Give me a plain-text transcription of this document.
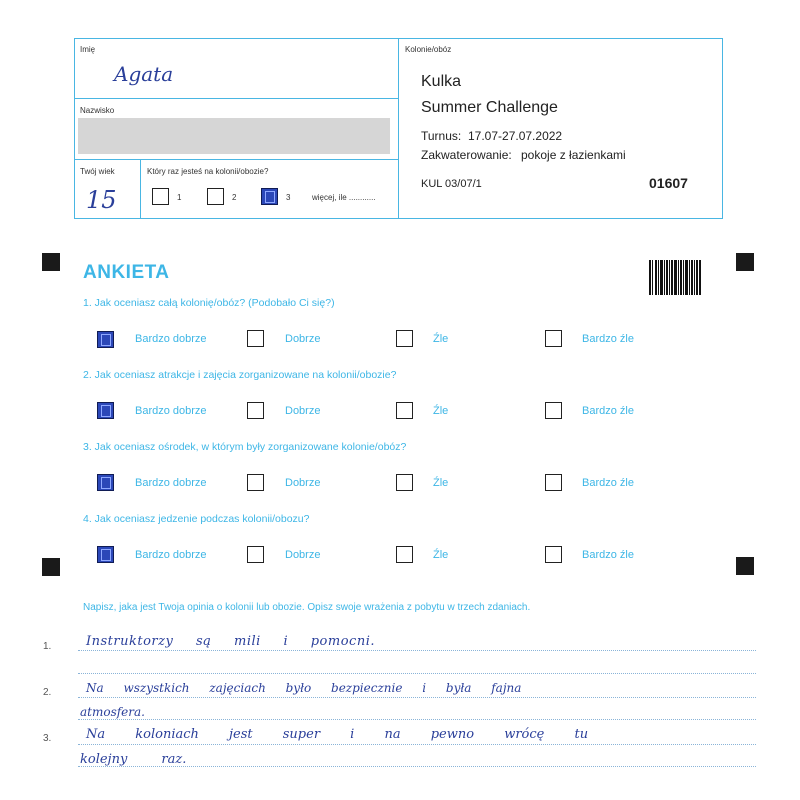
Imię
Agata
Nazwisko
Twój wiek
15
Który raz jesteś na kolonii/obozie?
1	2	3	więcej, ile ............
Kolonie/obóz
Kulka
Summer Challenge
Turnus: 17.07-27.07.2022
Zakwaterowanie: pokoje z łazienkami
KUL 03/07/1	01607
ANKIETA
1. Jak oceniasz całą kolonię/obóz? (Podobało Ci się?)
Bardzo dobrze	Dobrze	Źle	Bardzo źle
2. Jak oceniasz atrakcje i zajęcia zorganizowane na kolonii/obozie?
Bardzo dobrze	Dobrze	Źle	Bardzo źle
3. Jak oceniasz ośrodek, w którym były zorganizowane kolonie/obóz?
Bardzo dobrze	Dobrze	Źle	Bardzo źle
4. Jak oceniasz jedzenie podczas kolonii/obozu?
Bardzo dobrze	Dobrze	Źle	Bardzo źle
Napisz, jaka jest Twoja opinia o kolonii lub obozie. Opisz swoje wrażenia z pobytu w trzech zdaniach.
1.	Instruktorzy są mili i pomocni.
2.	Na wszystkich zajęciach było bezpiecznie i była fajna
atmosfera.
3.	Na koloniach jest super i na pewno wrócę tu
kolejny raz.
